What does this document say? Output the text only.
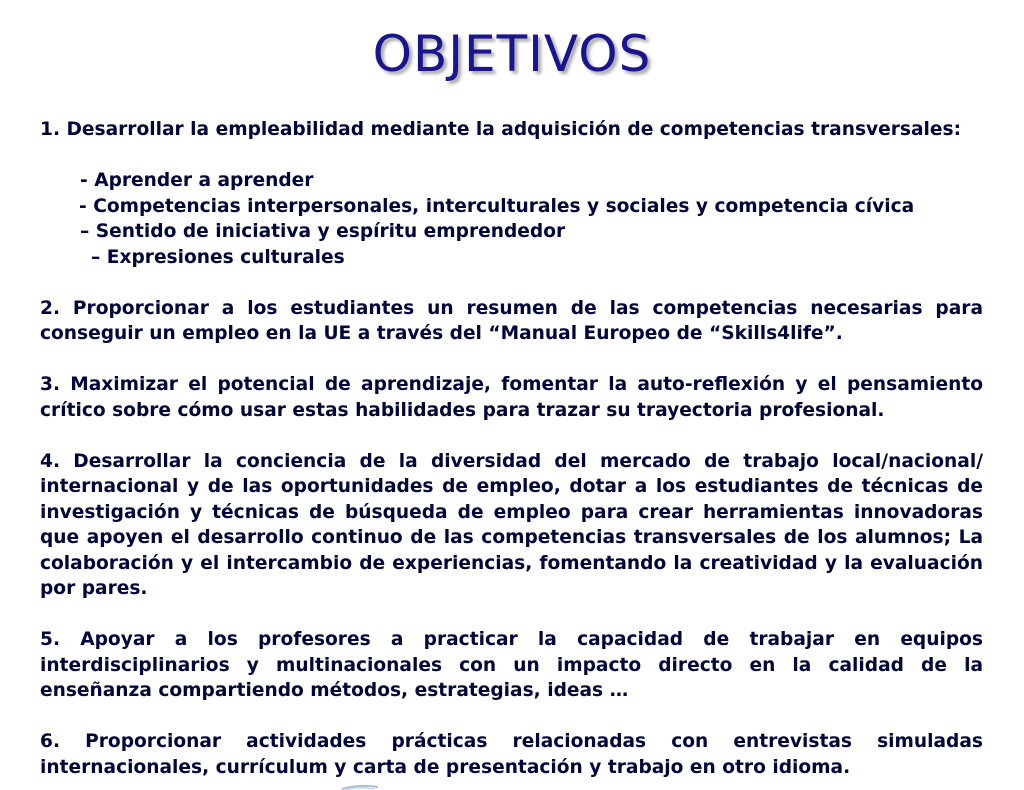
OBJETIVOS

1. Desarrollar la empleabilidad mediante la adquisición de competencias transversales:

- Aprender a aprender

- Competencias interpersonales, interculturales y sociales y competencia cívica

– Sentido de iniciativa y espíritu emprendedor

– Expresiones culturales

2. Proporcionar a los estudiantes un resumen de las competencias necesarias para conseguir un empleo en la UE a través del “Manual Europeo de “Skills4life”.

3. Maximizar el potencial de aprendizaje, fomentar la auto-reflexión y el pensamiento crítico sobre cómo usar estas habilidades para trazar su trayectoria profesional.

4. Desarrollar la conciencia de la diversidad del mercado de trabajo local/nacional/ internacional y de las oportunidades de empleo, dotar a los estudiantes de técnicas de investigación y técnicas de búsqueda de empleo para crear herramientas innovadoras que apoyen el desarrollo continuo de las competencias transversales de los alumnos; La colaboración y el intercambio de experiencias, fomentando la creatividad y la evaluación por pares.

5. Apoyar a los profesores a practicar la capacidad de trabajar en equipos interdisciplinarios y multinacionales con un impacto directo en la calidad de la enseñanza compartiendo métodos, estrategias, ideas …

6. Proporcionar actividades prácticas relacionadas con entrevistas simuladas internacionales, currículum y carta de presentación y trabajo en otro idioma.
